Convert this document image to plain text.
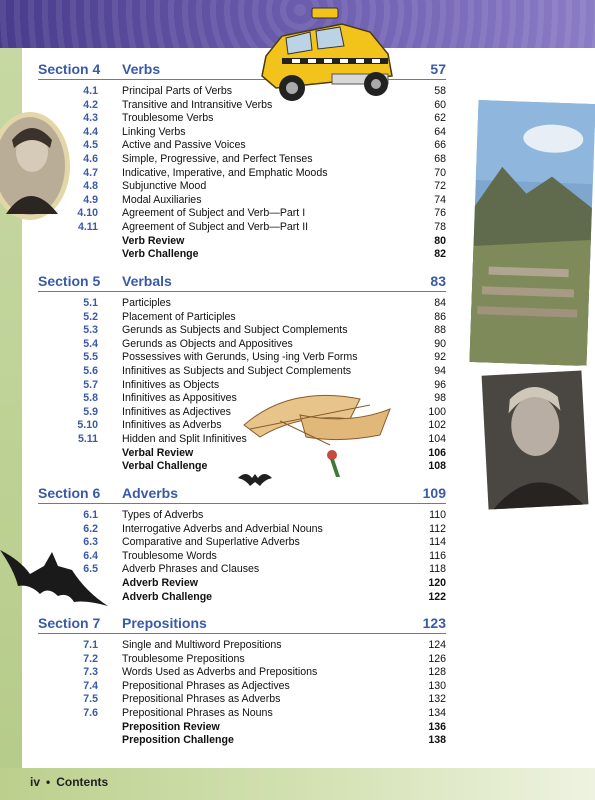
Section 4 Verbs	57
4.1 Principal Parts of Verbs	58
4.2 Transitive and Intransitive Verbs	60
4.3 Troublesome Verbs	62
4.4 Linking Verbs	64
4.5 Active and Passive Voices	66
4.6 Simple, Progressive, and Perfect Tenses	68
4.7 Indicative, Imperative, and Emphatic Moods	70
4.8 Subjunctive Mood	72
4.9 Modal Auxiliaries	74
4.10 Agreement of Subject and Verb—Part I	76
4.11 Agreement of Subject and Verb—Part II	78
Verb Review	80
Verb Challenge	82
Section 5 Verbals	83
5.1 Participles	84
5.2 Placement of Participles	86
5.3 Gerunds as Subjects and Subject Complements	88
5.4 Gerunds as Objects and Appositives	90
5.5 Possessives with Gerunds, Using -ing Verb Forms	92
5.6 Infinitives as Subjects and Subject Complements	94
5.7 Infinitives as Objects	96
5.8 Infinitives as Appositives	98
5.9 Infinitives as Adjectives	100
5.10 Infinitives as Adverbs	102
5.11 Hidden and Split Infinitives	104
Verbal Review	106
Verbal Challenge	108
Section 6 Adverbs	109
6.1 Types of Adverbs	110
6.2 Interrogative Adverbs and Adverbial Nouns	112
6.3 Comparative and Superlative Adverbs	114
6.4 Troublesome Words	116
6.5 Adverb Phrases and Clauses	118
Adverb Review	120
Adverb Challenge	122
Section 7 Prepositions	123
7.1 Single and Multiword Prepositions	124
7.2 Troublesome Prepositions	126
7.3 Words Used as Adverbs and Prepositions	128
7.4 Prepositional Phrases as Adjectives	130
7.5 Prepositional Phrases as Adverbs	132
7.6 Prepositional Phrases as Nouns	134
Preposition Review	136
Preposition Challenge	138
iv • Contents
